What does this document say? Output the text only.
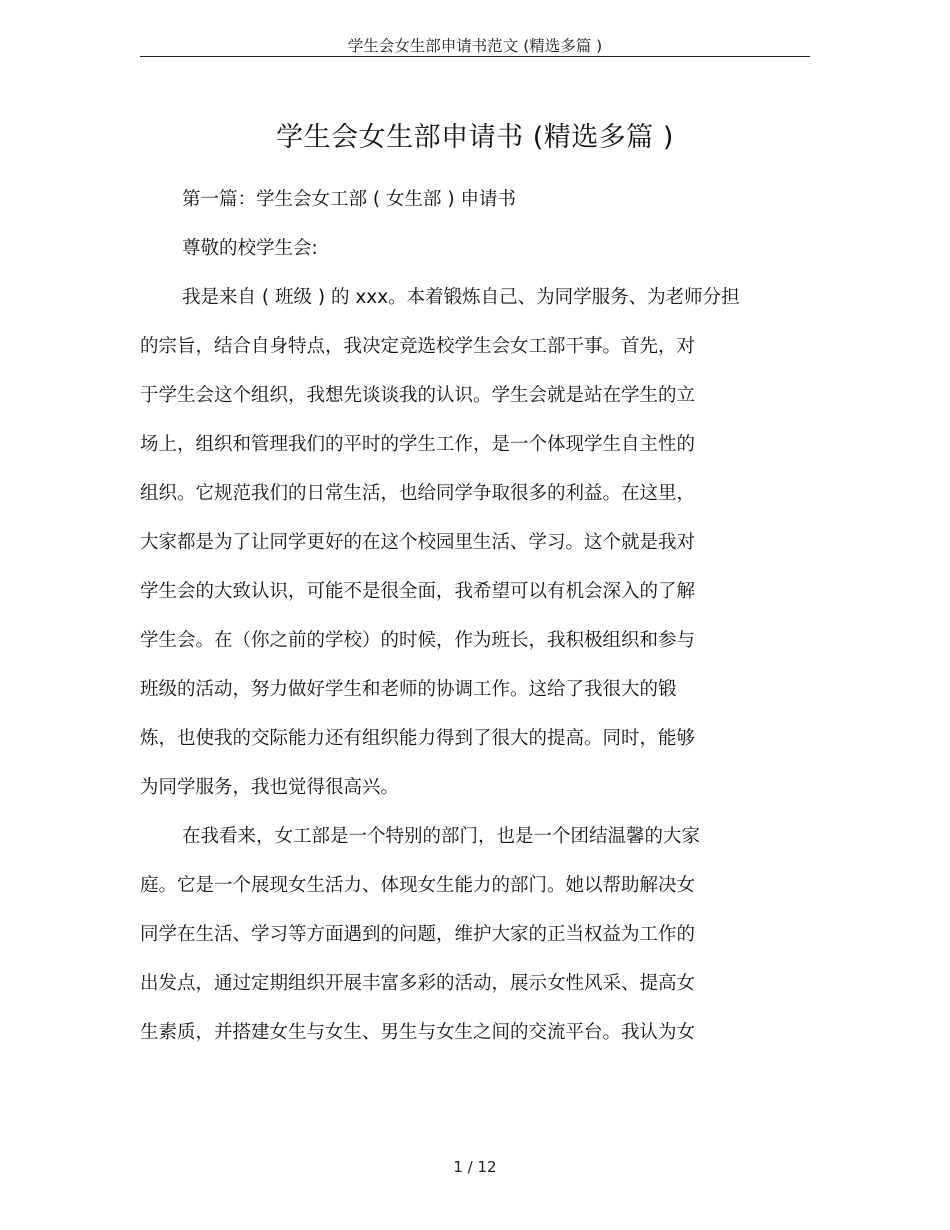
学生会女生部申请书范文 (精选多篇 )
学生会女生部申请书 (精选多篇 )
第一篇：学生会女工部 ( 女生部 ) 申请书
尊敬的校学生会:
我是来自 ( 班级 ) 的 xxx。本着锻炼自己、为同学服务、为老师分担
的宗旨，结合自身特点，我决定竞选校学生会女工部干事。首先，对
于学生会这个组织，我想先谈谈我的认识。学生会就是站在学生的立
场上，组织和管理我们的平时的学生工作，是一个体现学生自主性的
组织。它规范我们的日常生活，也给同学争取很多的利益。在这里，
大家都是为了让同学更好的在这个校园里生活、学习。这个就是我对
学生会的大致认识，可能不是很全面，我希望可以有机会深入的了解
学生会。在（你之前的学校）的时候，作为班长，我积极组织和参与
班级的活动，努力做好学生和老师的协调工作。这给了我很大的锻
炼，也使我的交际能力还有组织能力得到了很大的提高。同时，能够
为同学服务，我也觉得很高兴。
在我看来，女工部是一个特别的部门，也是一个团结温馨的大家
庭。它是一个展现女生活力、体现女生能力的部门。她以帮助解决女
同学在生活、学习等方面遇到的问题，维护大家的正当权益为工作的
出发点，通过定期组织开展丰富多彩的活动，展示女性风采、提高女
生素质，并搭建女生与女生、男生与女生之间的交流平台。我认为女
1 / 12
